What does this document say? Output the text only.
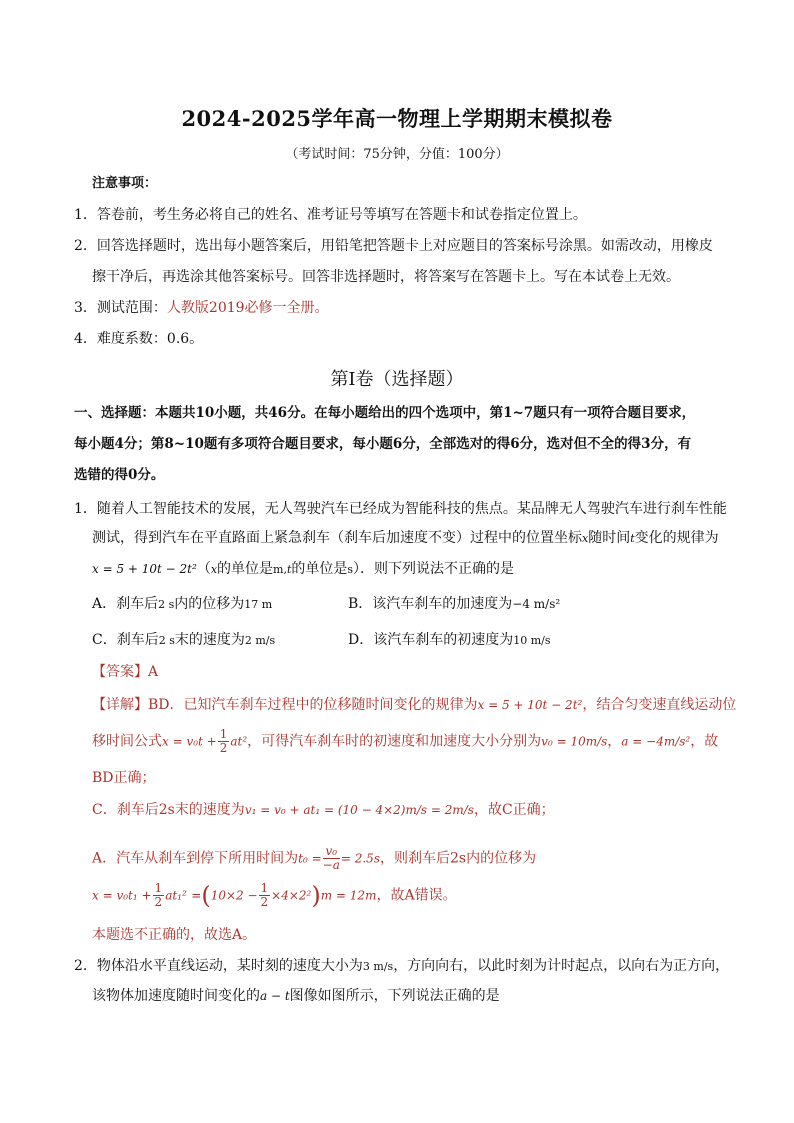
2024-2025学年高一物理上学期期末模拟卷
（考试时间：75分钟，分值：100分）
注意事项：
1．答卷前，考生务必将自己的姓名、准考证号等填写在答题卡和试卷指定位置上。
2．回答选择题时，选出每小题答案后，用铅笔把答题卡上对应题目的答案标号涂黑。如需改动，用橡皮
擦干净后，再选涂其他答案标号。回答非选择题时，将答案写在答题卡上。写在本试卷上无效。
3．测试范围：人教版2019必修一全册。
4．难度系数：0.6。
第Ⅰ卷（选择题）
一、选择题：本题共10小题，共46分。在每小题给出的四个选项中，第1~7题只有一项符合题目要求，
每小题4分；第8~10题有多项符合题目要求，每小题6分，全部选对的得6分，选对但不全的得3分，有
选错的得0分。
1．随着人工智能技术的发展，无人驾驶汽车已经成为智能科技的焦点。某品牌无人驾驶汽车进行刹车性能
测试，得到汽车在平直路面上紧急刹车（刹车后加速度不变）过程中的位置坐标x随时间t变化的规律为
x = 5 + 10t − 2t²（x的单位是m,t的单位是s）．则下列说法不正确的是
A．刹车后2 s内的位移为17 m	B．该汽车刹车的加速度为−4 m/s²
C．刹车后2 s末的速度为2 m/s	D．该汽车刹车的初速度为10 m/s
【答案】A
【详解】BD．已知汽车刹车过程中的位移随时间变化的规律为x = 5 + 10t − 2t²，结合匀变速直线运动位
移时间公式$x = v_0t + \frac{1}{2} at^2$，可得汽车刹车时的初速度和加速度大小分别为v₀ = 10m/s，a = −4m/s²，故
BD正确；
C．刹车后2s末的速度为v₁ = v₀ + at₁ = (10 − 4×2)m/s = 2m/s，故C正确；
A．汽车从刹车到停下所用时间为$t_0 = \frac{\text{v₀}}{-a} = 2.5s$，则刹车后2s内的位移为
$x = v_0t_1 + \frac{1}{2} at_1^2 =(10\times 2 - \frac{1}{2} \times 4\times 2^2)m = 12m$，故A错误。
本题选不正确的，故选A。
2．物体沿水平直线运动，某时刻的速度大小为3 m/s，方向向右，以此时刻为计时起点，以向右为正方向，
该物体加速度随时间变化的a − t图像如图所示，下列说法正确的是
